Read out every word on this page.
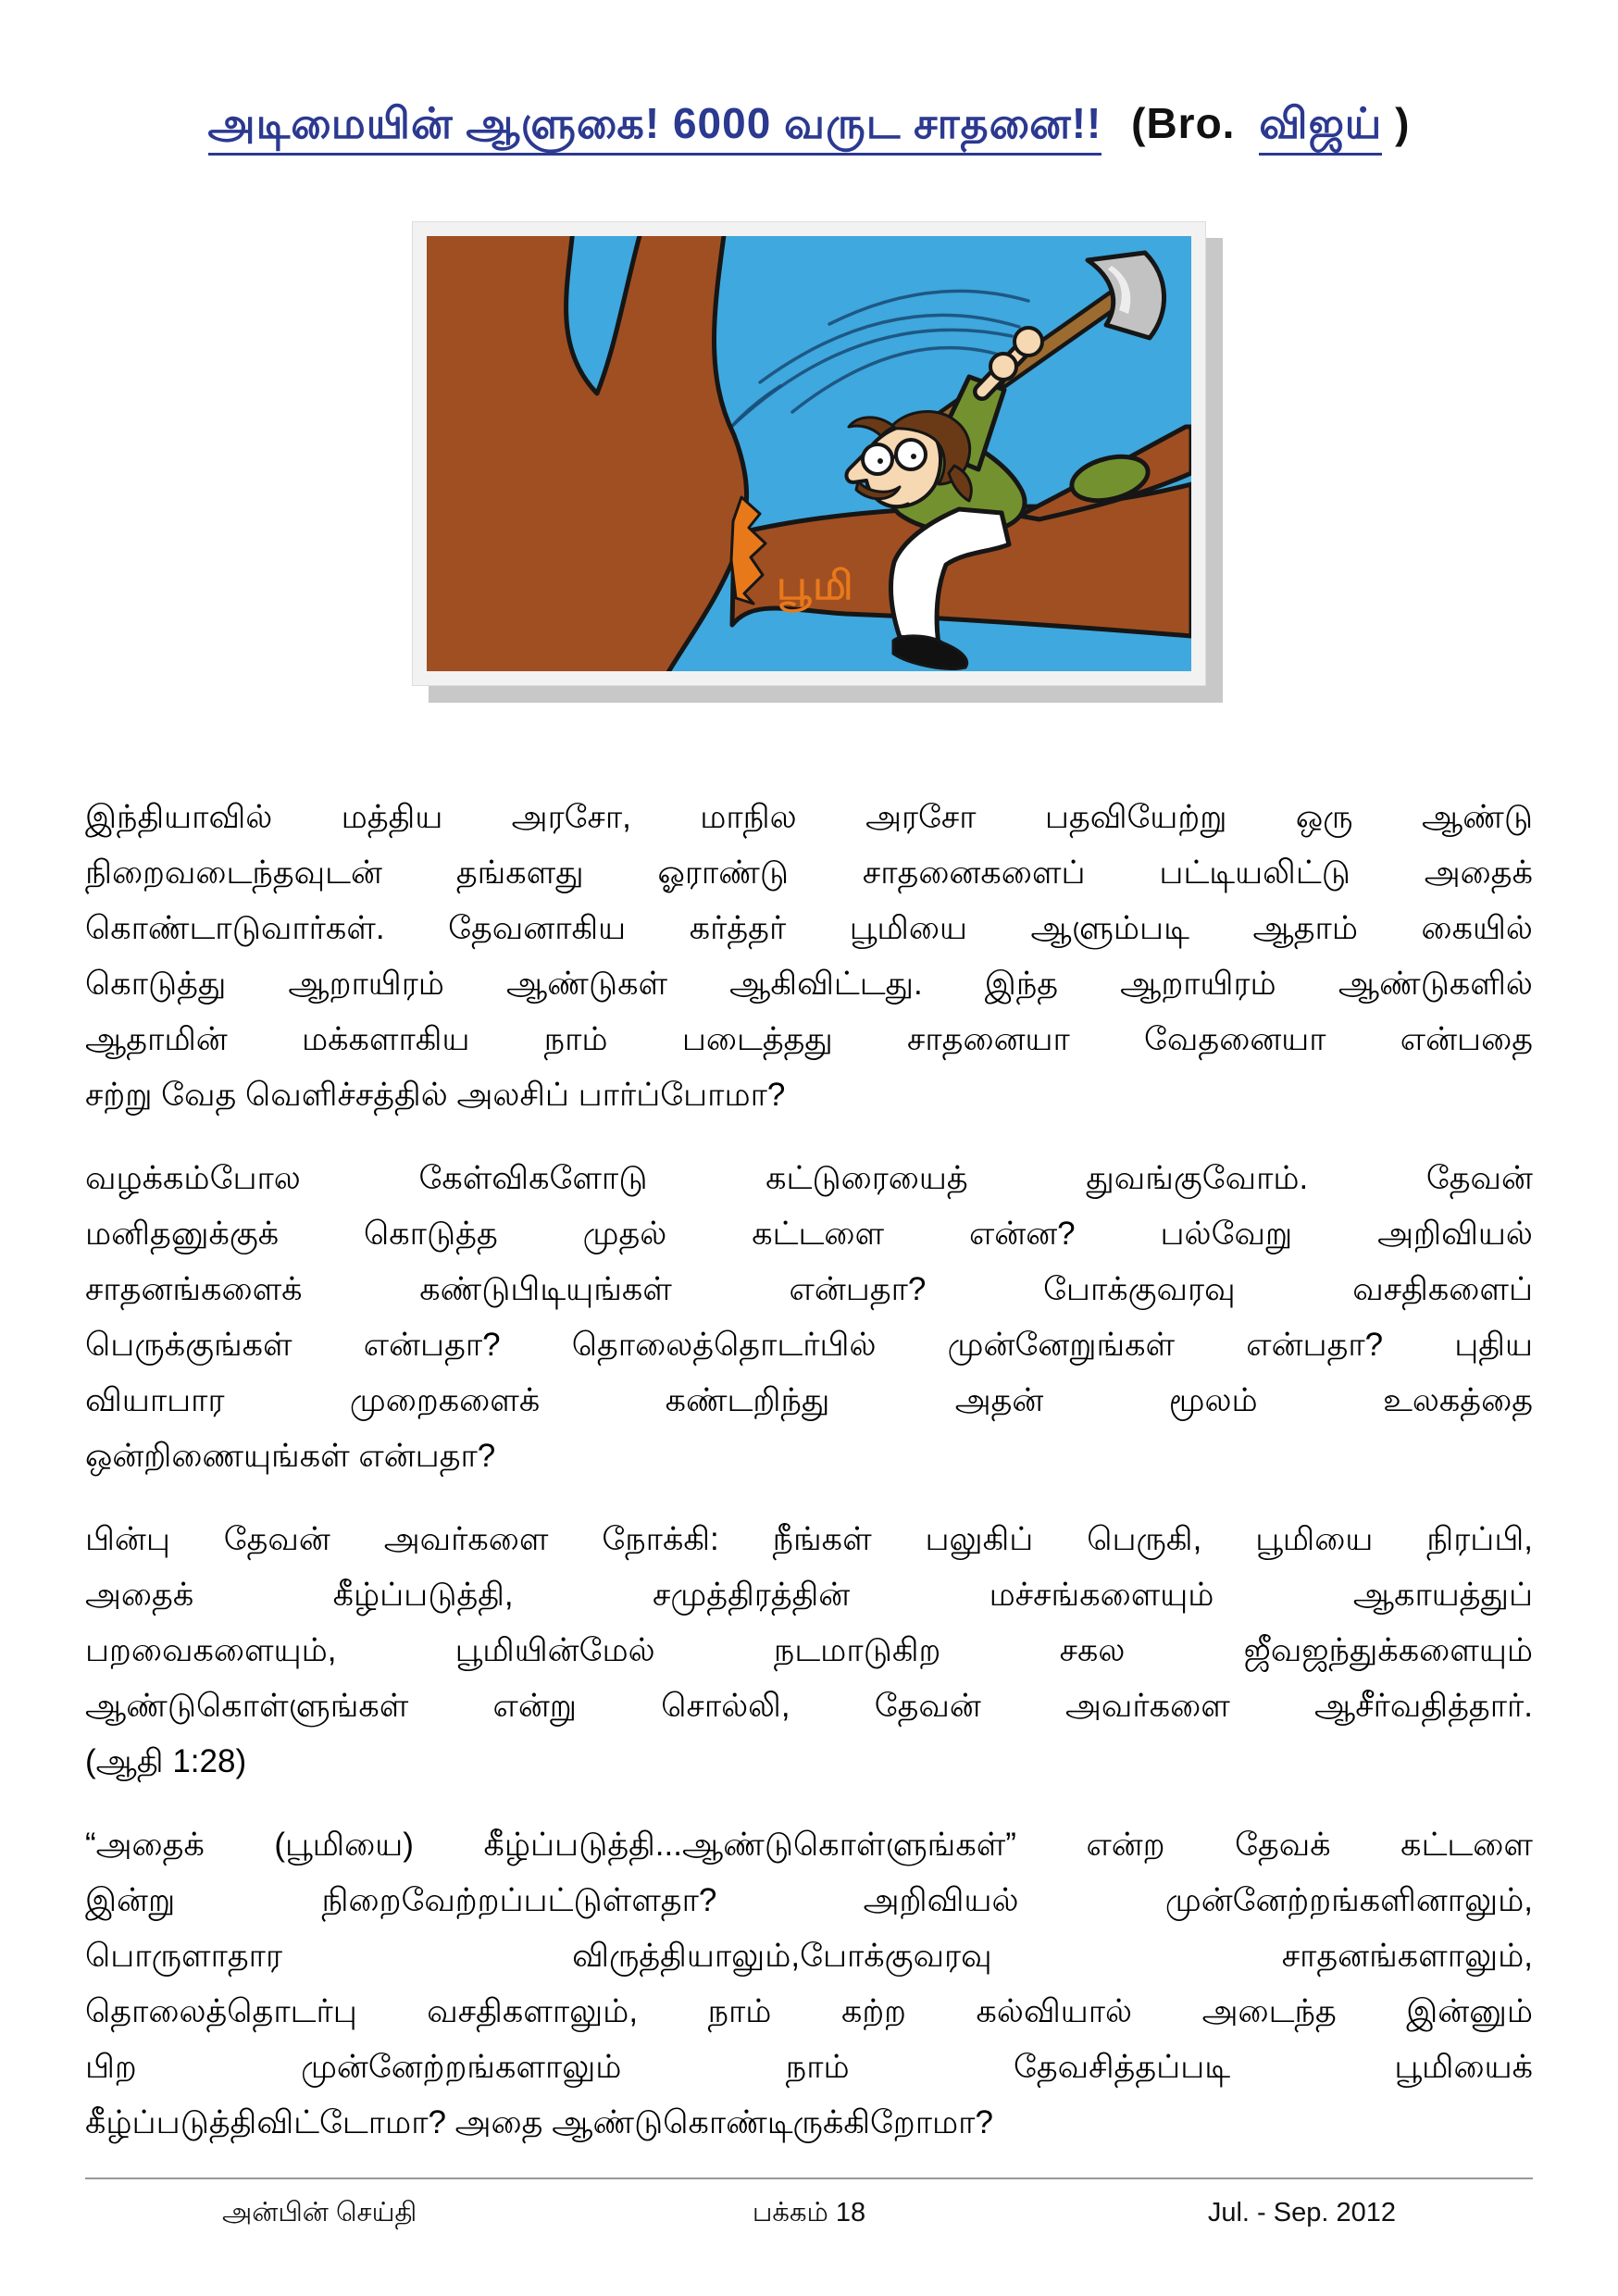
அடிமையின் ஆளுகை! 6000 வருட சாதனை!! (Bro. விஜய் )
பூமி
இந்தியாவில் மத்திய அரசோ, மாநில அரசோ பதவியேற்று ஒரு ஆண்டு
நிறைவடைந்தவுடன் தங்களது ஓராண்டு சாதனைகளைப் பட்டியலிட்டு அதைக்
கொண்டாடுவார்கள். தேவனாகிய கர்த்தர் பூமியை ஆளும்படி ஆதாம் கையில்
கொடுத்து ஆறாயிரம் ஆண்டுகள் ஆகிவிட்டது. இந்த ஆறாயிரம் ஆண்டுகளில்
ஆதாமின் மக்களாகிய நாம் படைத்தது சாதனையா வேதனையா என்பதை
சற்று வேத வெளிச்சத்தில் அலசிப் பார்ப்போமா?
வழக்கம்போல கேள்விகளோடு கட்டுரையைத் துவங்குவோம். தேவன்
மனிதனுக்குக் கொடுத்த முதல் கட்டளை என்ன? பல்வேறு அறிவியல்
சாதனங்களைக் கண்டுபிடியுங்கள் என்பதா? போக்குவரவு வசதிகளைப்
பெருக்குங்கள் என்பதா? தொலைத்தொடர்பில் முன்னேறுங்கள் என்பதா? புதிய
வியாபார முறைகளைக் கண்டறிந்து அதன் மூலம் உலகத்தை
ஒன்றிணையுங்கள் என்பதா?
பின்பு தேவன் அவர்களை நோக்கி: நீங்கள் பலுகிப் பெருகி, பூமியை நிரப்பி,
அதைக் கீழ்ப்படுத்தி, சமுத்திரத்தின் மச்சங்களையும் ஆகாயத்துப்
பறவைகளையும், பூமியின்மேல் நடமாடுகிற சகல ஜீவஜந்துக்களையும்
ஆண்டுகொள்ளுங்கள் என்று சொல்லி, தேவன் அவர்களை ஆசீர்வதித்தார்.
(ஆதி 1:28)
“அதைக் (பூமியை) கீழ்ப்படுத்தி...ஆண்டுகொள்ளுங்கள்” என்ற தேவக் கட்டளை
இன்று நிறைவேற்றப்பட்டுள்ளதா? அறிவியல் முன்னேற்றங்களினாலும்,
பொருளாதார விருத்தியாலும்,போக்குவரவு சாதனங்களாலும்,
தொலைத்தொடர்பு வசதிகளாலும், நாம் கற்ற கல்வியால் அடைந்த இன்னும்
பிற முன்னேற்றங்களாலும் நாம் தேவசித்தப்படி பூமியைக்
கீழ்ப்படுத்திவிட்டோமா? அதை ஆண்டுகொண்டிருக்கிறோமா?
அன்பின் செய்தி	பக்கம் 18	Jul. - Sep. 2012
